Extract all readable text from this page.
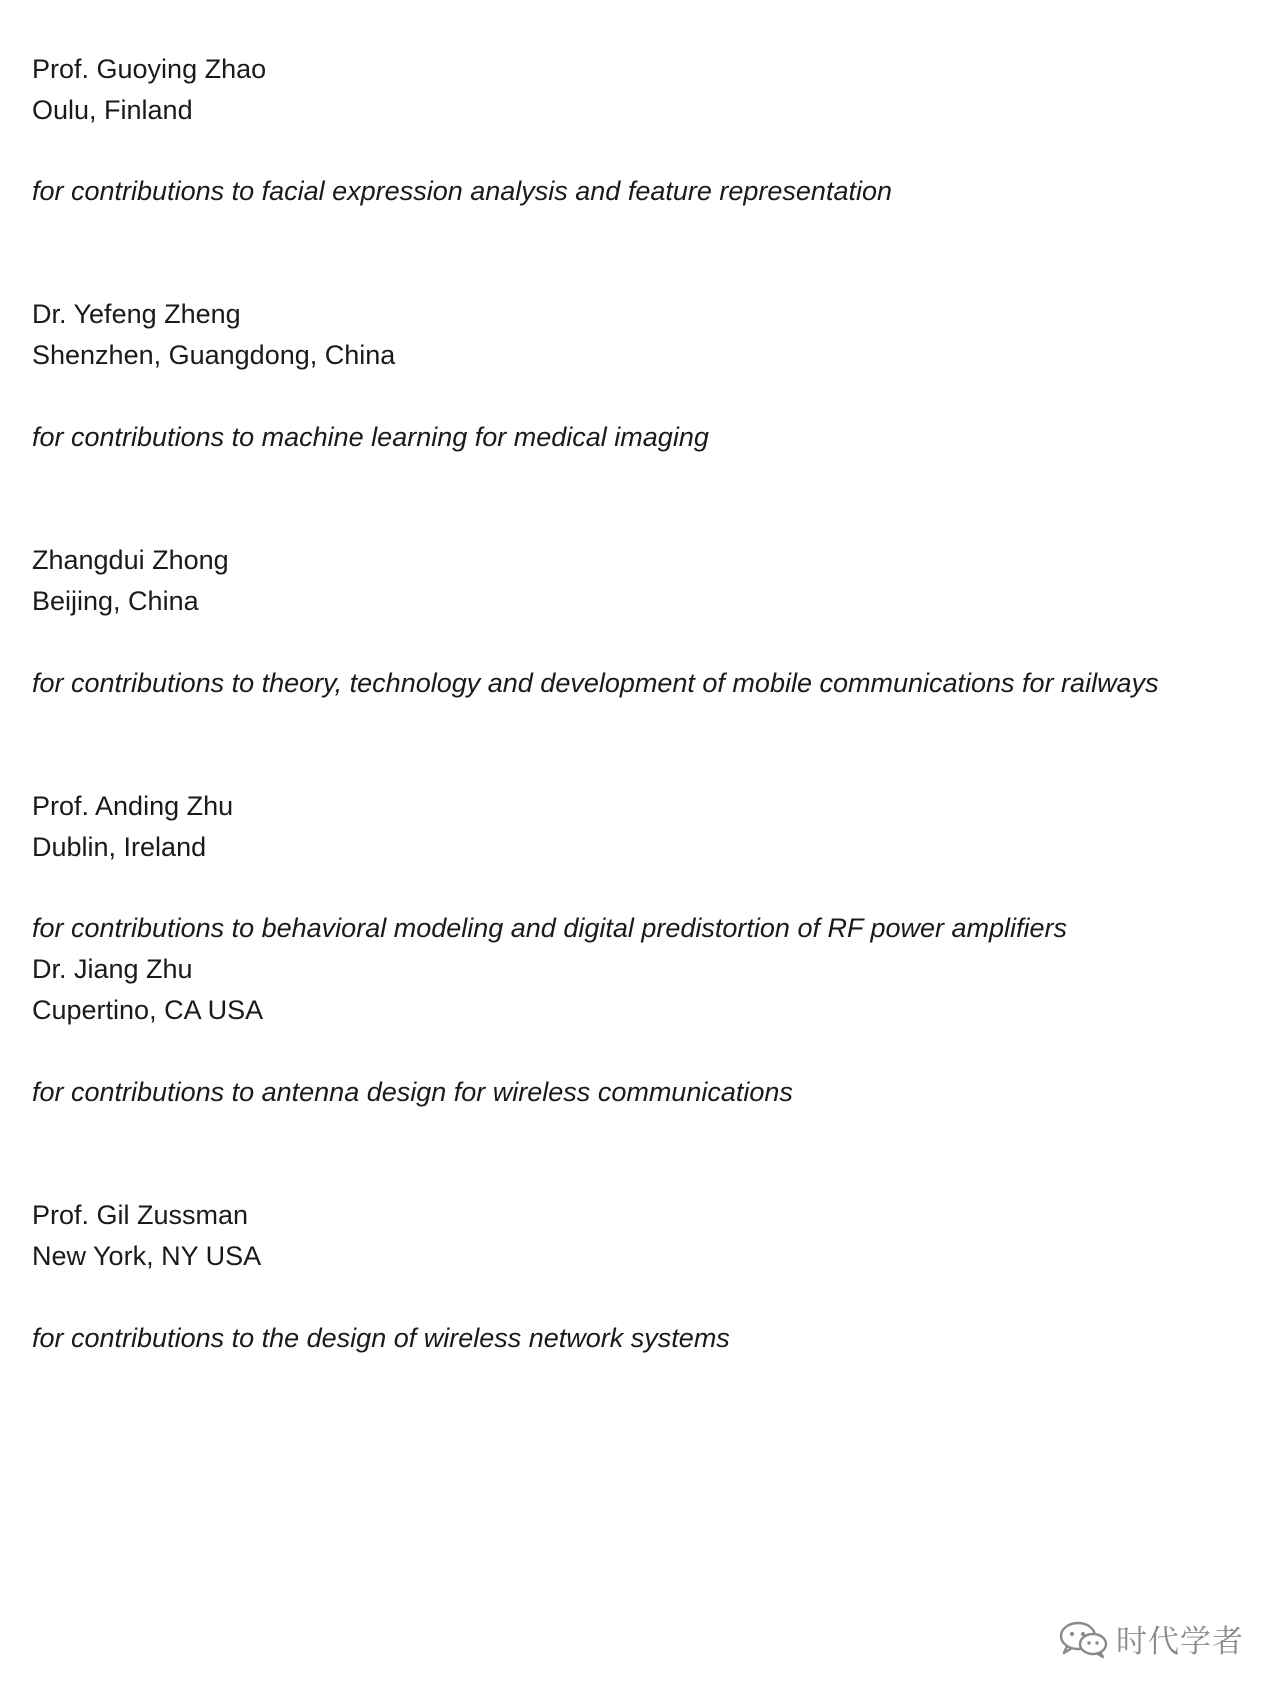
Prof. Guoying Zhao
Oulu, Finland
for contributions to facial expression analysis and feature representation
Dr. Yefeng Zheng
Shenzhen, Guangdong, China
for contributions to machine learning for medical imaging
Zhangdui Zhong
Beijing, China
for contributions to theory, technology and development of mobile communications for railways
Prof. Anding Zhu
Dublin, Ireland
for contributions to behavioral modeling and digital predistortion of RF power amplifiers
Dr. Jiang Zhu
Cupertino, CA USA
for contributions to antenna design for wireless communications
Prof. Gil Zussman
New York, NY USA
for contributions to the design of wireless network systems
时代学者
